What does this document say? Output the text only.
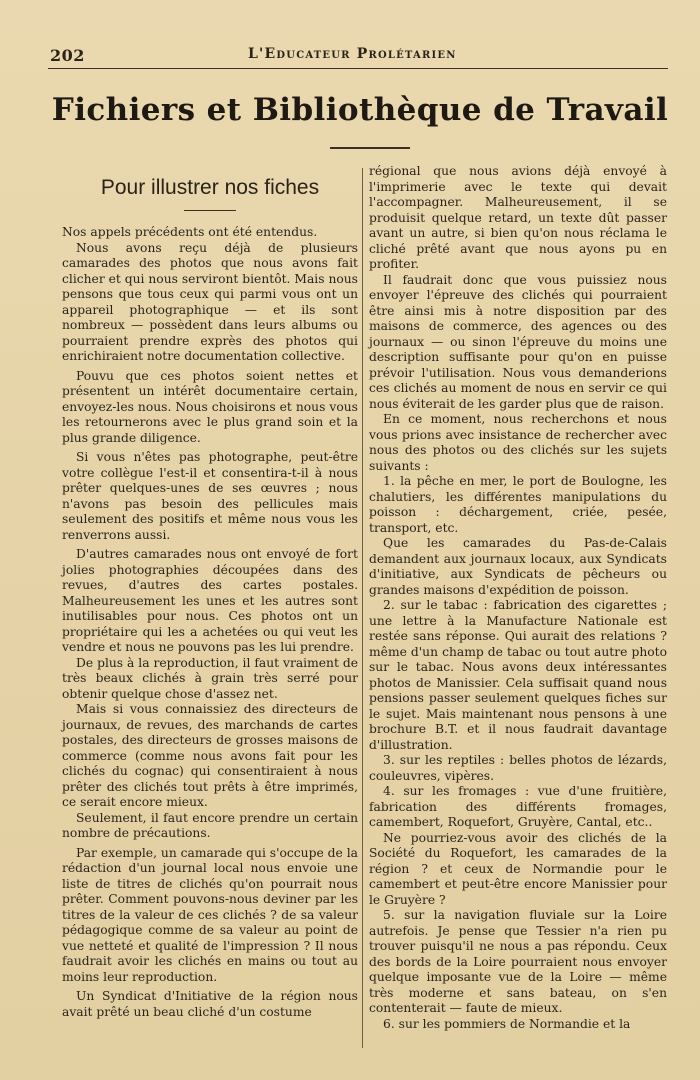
202	L'Educateur Prolétarien
Fichiers et Bibliothèque de Travail
Pour illustrer nos fiches

Nos appels précédents ont été entendus.

Nous avons reçu déjà de plusieurs camarades des photos que nous avons fait clicher et qui nous serviront bientôt. Mais nous pensons que tous ceux qui parmi vous ont un appareil photographique — et ils sont nombreux — possèdent dans leurs albums ou pourraient prendre exprès des photos qui enrichiraient notre documentation collective.

Pouvu que ces photos soient nettes et présentent un intérêt documentaire certain, envoyez-les nous. Nous choisirons et nous vous les retournerons avec le plus grand soin et la plus grande diligence.

Si vous n'êtes pas photographe, peut-être votre collègue l'est-il et consentira-t-il à nous prêter quelques-unes de ses œuvres ; nous n'avons pas besoin des pellicules mais seulement des positifs et même nous vous les renverrons aussi.

D'autres camarades nous ont envoyé de fort jolies photographies découpées dans des revues, d'autres des cartes postales. Malheureusement les unes et les autres sont inutilisables pour nous. Ces photos ont un propriétaire qui les a achetées ou qui veut les vendre et nous ne pouvons pas les lui prendre.

De plus à la reproduction, il faut vraiment de très beaux clichés à grain très serré pour obtenir quelque chose d'assez net.

Mais si vous connaissiez des directeurs de journaux, de revues, des marchands de cartes postales, des directeurs de grosses maisons de commerce (comme nous avons fait pour les clichés du cognac) qui consentiraient à nous prêter des clichés tout prêts à être imprimés, ce serait encore mieux.

Seulement, il faut encore prendre un certain nombre de précautions.

Par exemple, un camarade qui s'occupe de la rédaction d'un journal local nous envoie une liste de titres de clichés qu'on pourrait nous prêter. Comment pouvons-nous deviner par les titres de la valeur de ces clichés ? de sa valeur pédagogique comme de sa valeur au point de vue netteté et qualité de l'impression ? Il nous faudrait avoir les clichés en mains ou tout au moins leur reproduction.

Un Syndicat d'Initiative de la région nous avait prêté un beau cliché d'un costume

régional que nous avions déjà envoyé à l'imprimerie avec le texte qui devait l'accompagner. Malheureusement, il se produisit quelque retard, un texte dût passer avant un autre, si bien qu'on nous réclama le cliché prêté avant que nous ayons pu en profiter.

Il faudrait donc que vous puissiez nous envoyer l'épreuve des clichés qui pourraient être ainsi mis à notre disposition par des maisons de commerce, des agences ou des journaux — ou sinon l'épreuve du moins une description suffisante pour qu'on en puisse prévoir l'utilisation. Nous vous demanderions ces clichés au moment de nous en servir ce qui nous éviterait de les garder plus que de raison.

En ce moment, nous recherchons et nous vous prions avec insistance de rechercher avec nous des photos ou des clichés sur les sujets suivants :

1. la pêche en mer, le port de Boulogne, les chalutiers, les différentes manipulations du poisson : déchargement, criée, pesée, transport, etc.

Que les camarades du Pas-de-Calais demandent aux journaux locaux, aux Syndicats d'initiative, aux Syndicats de pêcheurs ou grandes maisons d'expédition de poisson.

2. sur le tabac : fabrication des cigarettes ; une lettre à la Manufacture Nationale est restée sans réponse. Qui aurait des relations ? même d'un champ de tabac ou tout autre photo sur le tabac. Nous avons deux intéressantes photos de Manissier. Cela suffisait quand nous pensions passer seulement quelques fiches sur le sujet. Mais maintenant nous pensons à une brochure B.T. et il nous faudrait davantage d'illustration.

3. sur les reptiles : belles photos de lézards, couleuvres, vipères.

4. sur les fromages : vue d'une fruitière, fabrication des différents fromages, camembert, Roquefort, Gruyère, Cantal, etc..

Ne pourriez-vous avoir des clichés de la Société du Roquefort, les camarades de la région ? et ceux de Normandie pour le camembert et peut-être encore Manissier pour le Gruyère ?

5. sur la navigation fluviale sur la Loire autrefois. Je pense que Tessier n'a rien pu trouver puisqu'il ne nous a pas répondu. Ceux des bords de la Loire pourraient nous envoyer quelque imposante vue de la Loire — même très moderne et sans bateau, on s'en contenterait — faute de mieux.

6. sur les pommiers de Normandie et la
